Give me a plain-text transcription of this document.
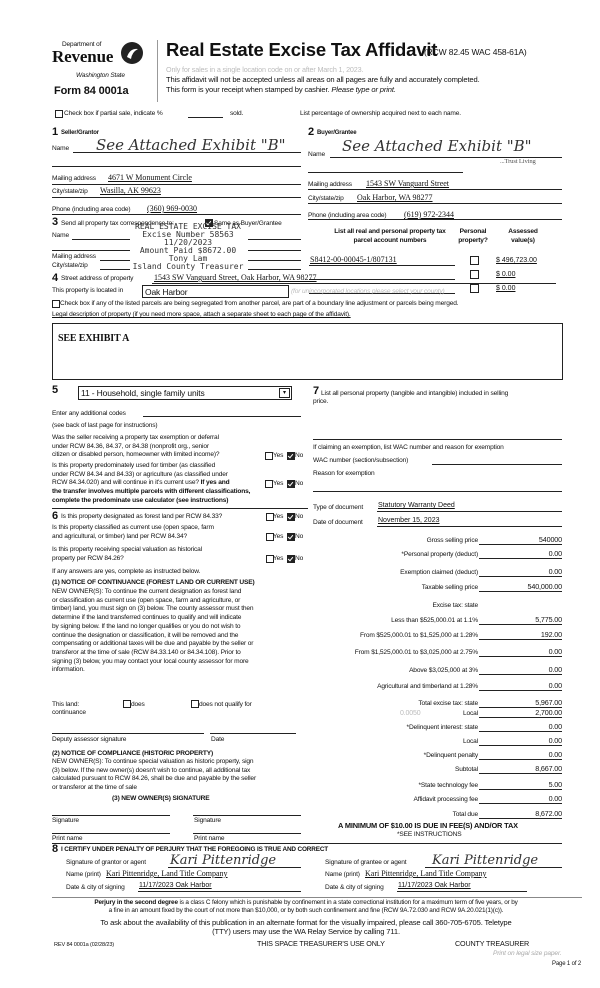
Department of
Revenue
Washington State
Form 84 0001a
Real Estate Excise Tax Affidavit
(RCW 82.45 WAC 458-61A)
Only for sales in a single location code on or after March 1, 2023.
This affidavit will not be accepted unless all areas on all pages are fully and accurately completed.
This form is your receipt when stamped by cashier. Please type or print.
Check box if partial sale, indicate %	sold.	List percentage of ownership acquired next to each name.
1 Seller/Grantor
Name See Attached Exhibit "B"
Mailing address 4671 W Monument Circle
City/state/zip Wasilla, AK 99623
Phone (including area code) (360) 969-0030
2 Buyer/Grantee
Name See Attached Exhibit "B"
...Trust Living
Mailing address 1543 SW Vanguard Street
City/state/zip Oak Harbor, WA 98277
Phone (including area code) (619) 972-2344
3 Send all property tax correspondence to:	Same as Buyer/Grantee
Name
Mailing address
City/state/zip
REAL ESTATE EXCISE TAX
Excise Number 58563
11/20/2023
Amount Paid $8672.00
Tony Lam
Island County Treasurer
List all real and personal property tax
parcel account numbers
Personal
property?
Assessed
value(s)
S8412-00-00045-1/807131	$ 496,723.00
$ 0.00
$ 0.00
4 Street address of property	1543 SW Vanguard Street, Oak Harbor, WA 98277
This property is located in	Oak Harbor	(for unincorporated locations please select your county)
Check box if any of the listed parcels are being segregated from another parcel, are part of a boundary line adjustment or parcels being merged.
Legal description of property (if you need more space, attach a separate sheet to each page of the affidavit).
SEE EXHIBIT A
5	11 - Household, single family units	▾
Enter any additional codes
(see back of last page for instructions)
Was the seller receiving a property tax exemption or deferral
under RCW 84.36, 84.37, or 84.38 (nonprofit org., senior
citizen or disabled person, homeowner with limited income)?	Yes No
Is this property predominately used for timber (as classified
under RCW 84.34 and 84.33) or agriculture (as classified under
RCW 84.34.020) and will continue in it's current use? If yes and
the transfer involves multiple parcels with different classifications,
complete the predominate use calculator (see instructions)
Yes No
7 List all personal property (tangible and intangible) included in selling
price.
If claiming an exemption, list WAC number and reason for exemption
WAC number (section/subsection)
Reason for exemption
Type of document Statutory Warranty Deed
Date of document November 15, 2023
Gross selling price	540000
*Personal property (deduct)	0.00
Exemption claimed (deduct)	0.00
Taxable selling price	540,000.00
Excise tax: state
Less than $525,000.01 at 1.1%	5,775.00
From $525,000.01 to $1,525,000 at 1.28%	192.00
From $1,525,000.01 to $3,025,000 at 2.75%	0.00
Above $3,025,000 at 3%	0.00
Agricultural and timberland at 1.28%	0.00
Total excise tax: state	5,967.00
Local	2,700.00
*Delinquent interest: state	0.00
Local	0.00
*Delinquent penalty	0.00
Subtotal	8,667.00
*State technology fee	5.00
Affidavit processing fee	0.00
Total due	8,672.00
0.0050
A MINIMUM OF $10.00 IS DUE IN FEE(S) AND/OR TAX
*SEE INSTRUCTIONS
6 Is this property designated as forest land per RCW 84.33?	Yes No
Is this property classified as current use (open space, farm
and agricultural, or timber) land per RCW 84.34?	Yes No
Is this property receiving special valuation as historical
property per RCW 84.26?	Yes No
If any answers are yes, complete as instructed below.
(1) NOTICE OF CONTINUANCE (FOREST LAND OR CURRENT USE)
NEW OWNER(S): To continue the current designation as forest land
or classification as current use (open space, farm and agriculture, or
timber) land, you must sign on (3) below. The county assessor must then
determine if the land transferred continues to qualify and will indicate
by signing below. If the land no longer qualifies or you do not wish to
continue the designation or classification, it will be removed and the
compensating or additional taxes will be due and payable by the seller or
transferor at the time of sale (RCW 84.33.140 or 84.34.108). Prior to
signing (3) below, you may contact your local county assessor for more
information.
This land:
continuance
does	does not qualify for
Deputy assessor signature	Date
(2) NOTICE OF COMPLIANCE (HISTORIC PROPERTY)
NEW OWNER(S): To continue special valuation as historic property, sign
(3) below. If the new owner(s) doesn't wish to continue, all additional tax
calculated pursuant to RCW 84.26, shall be due and payable by the seller
or transferor at the time of sale
(3) NEW OWNER(S) SIGNATURE
Signature	Signature
Print name	Print name
8 I CERTIFY UNDER PENALTY OF PERJURY THAT THE FOREGOING IS TRUE AND CORRECT
Signature of grantor or agent Kari Pittenridge
Name (print) Kari Pittenridge, Land Title Company
Date & city of signing 11/17/2023 Oak Harbor
Signature of grantee or agent Kari Pittenridge
Name (print) Kari Pittenridge, Land Title Company
Date & city of signing 11/17/2023 Oak Harbor
Perjury in the second degree is a class C felony which is punishable by confinement in a state correctional institution for a maximum term of five years, or by
a fine in an amount fixed by the court of not more than $10,000, or by both such confinement and fine (RCW 9A.72.030 and RCW 9A.20.021(1)(c)).
To ask about the availability of this publication in an alternate format for the visually impaired, please call 360-705-6705. Teletype
(TTY) users may use the WA Relay Service by calling 711.
REV 84 0001a (02/28/23)	THIS SPACE TREASURER'S USE ONLY	COUNTY TREASURER
Print on legal size paper.
Page 1 of 2
